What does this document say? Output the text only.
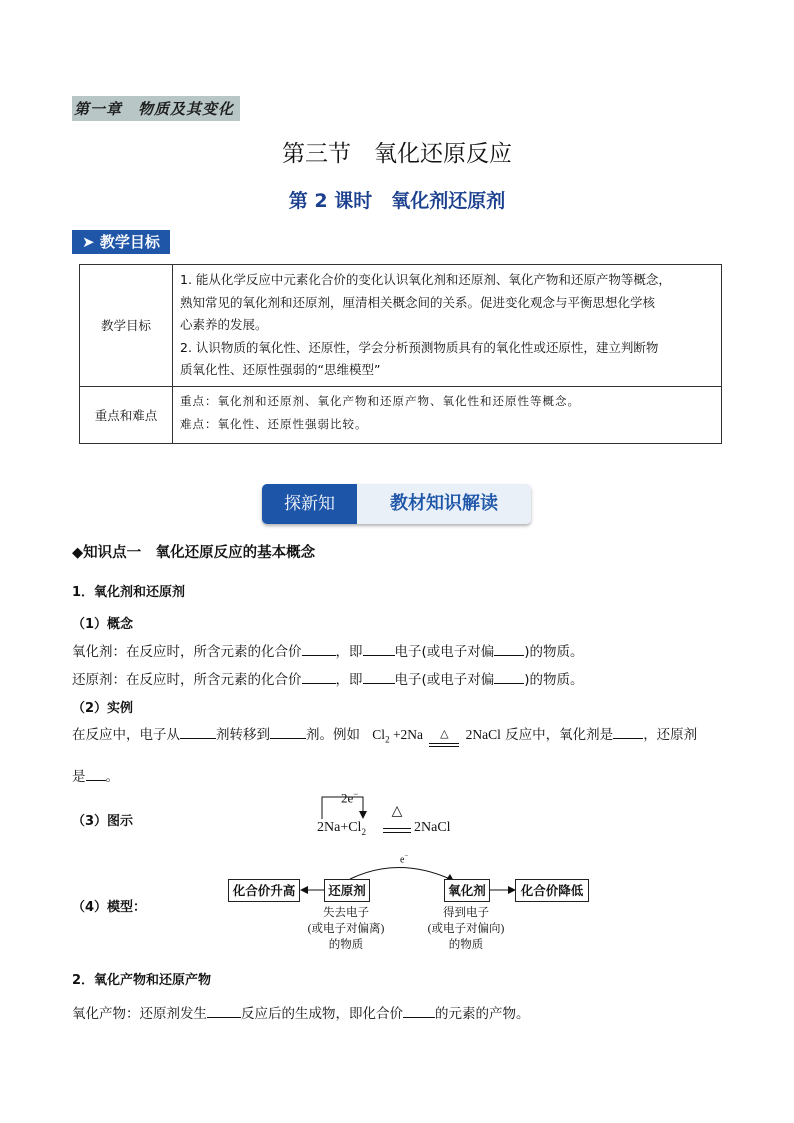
第一章　物质及其变化
第三节　氧化还原反应
第 2 课时　氧化剂还原剂
➤ 教学目标
教学目标	1. 能从化学反应中元素化合价的变化认识氧化剂和还原剂、氧化产物和还原产物等概念，
熟知常见的氧化剂和还原剂，厘清相关概念间的关系。促进变化观念与平衡思想化学核
心素养的发展。
2. 认识物质的氧化性、还原性，学会分析预测物质具有的氧化性或还原性，建立判断物
质氧化性、还原性强弱的“思维模型”

重点和难点	重点：氧化剂和还原剂、氧化产物和还原产物、氧化性和还原性等概念。
难点：氧化性、还原性强弱比较。
探新知	教材知识解读
◆知识点一　氧化还原反应的基本概念
1．氧化剂和还原剂
（1）概念
氧化剂：在反应时，所含元素的化合价	，即 电子(或电子对偏 )的物质。
还原剂：在反应时，所含元素的化合价	，即 电子(或电子对偏 )的物质。
（2）实例
在反应中，电子从	剂转移到	剂。例如 $Cl_2 +2Na$ △ 2NaCl 反应中，氧化剂是 ，还原剂
是 。
（3）图示
2e−
$2Na+Cl_2$
△
2NaCl
（4）模型：
e−
化合价升高	还原剂	氧化剂	化合价降低
失去电子
(或电子对偏离)
的物质
得到电子
(或电子对偏向)
的物质
2．氧化产物和还原产物
氧化产物：还原剂发生	反应后的生成物，即化合价 的元素的产物。
